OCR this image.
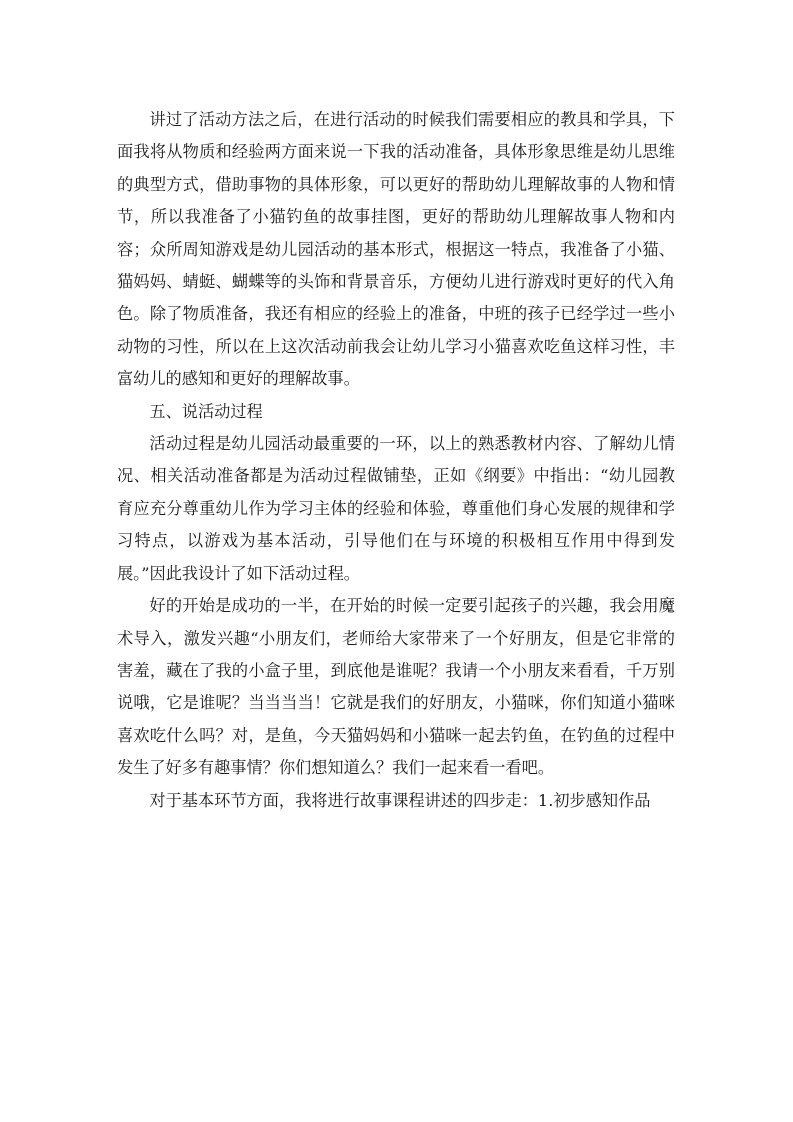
讲过了活动方法之后，在进行活动的时候我们需要相应的教具和学具，下面我将从物质和经验两方面来说一下我的活动准备，具体形象思维是幼儿思维的典型方式，借助事物的具体形象，可以更好的帮助幼儿理解故事的人物和情节，所以我准备了小猫钓鱼的故事挂图，更好的帮助幼儿理解故事人物和内容；众所周知游戏是幼儿园活动的基本形式，根据这一特点，我准备了小猫、猫妈妈、蜻蜓、蝴蝶等的头饰和背景音乐，方便幼儿进行游戏时更好的代入角色。除了物质准备，我还有相应的经验上的准备，中班的孩子已经学过一些小动物的习性，所以在上这次活动前我会让幼儿学习小猫喜欢吃鱼这样习性，丰富幼儿的感知和更好的理解故事。

五、说活动过程

活动过程是幼儿园活动最重要的一环，以上的熟悉教材内容、了解幼儿情况、相关活动准备都是为活动过程做铺垫，正如《纲要》中指出：“幼儿园教育应充分尊重幼儿作为学习主体的经验和体验，尊重他们身心发展的规律和学习特点，以游戏为基本活动，引导他们在与环境的积极相互作用中得到发展。”因此我设计了如下活动过程。

好的开始是成功的一半，在开始的时候一定要引起孩子的兴趣，我会用魔术导入，激发兴趣“小朋友们，老师给大家带来了一个好朋友，但是它非常的害羞，藏在了我的小盒子里，到底他是谁呢？我请一个小朋友来看看，千万别说哦，它是谁呢？当当当当！它就是我们的好朋友，小猫咪，你们知道小猫咪喜欢吃什么吗？对，是鱼，今天猫妈妈和小猫咪一起去钓鱼，在钓鱼的过程中发生了好多有趣事情？你们想知道么？我们一起来看一看吧。

对于基本环节方面，我将进行故事课程讲述的四步走：1.初步感知作品
